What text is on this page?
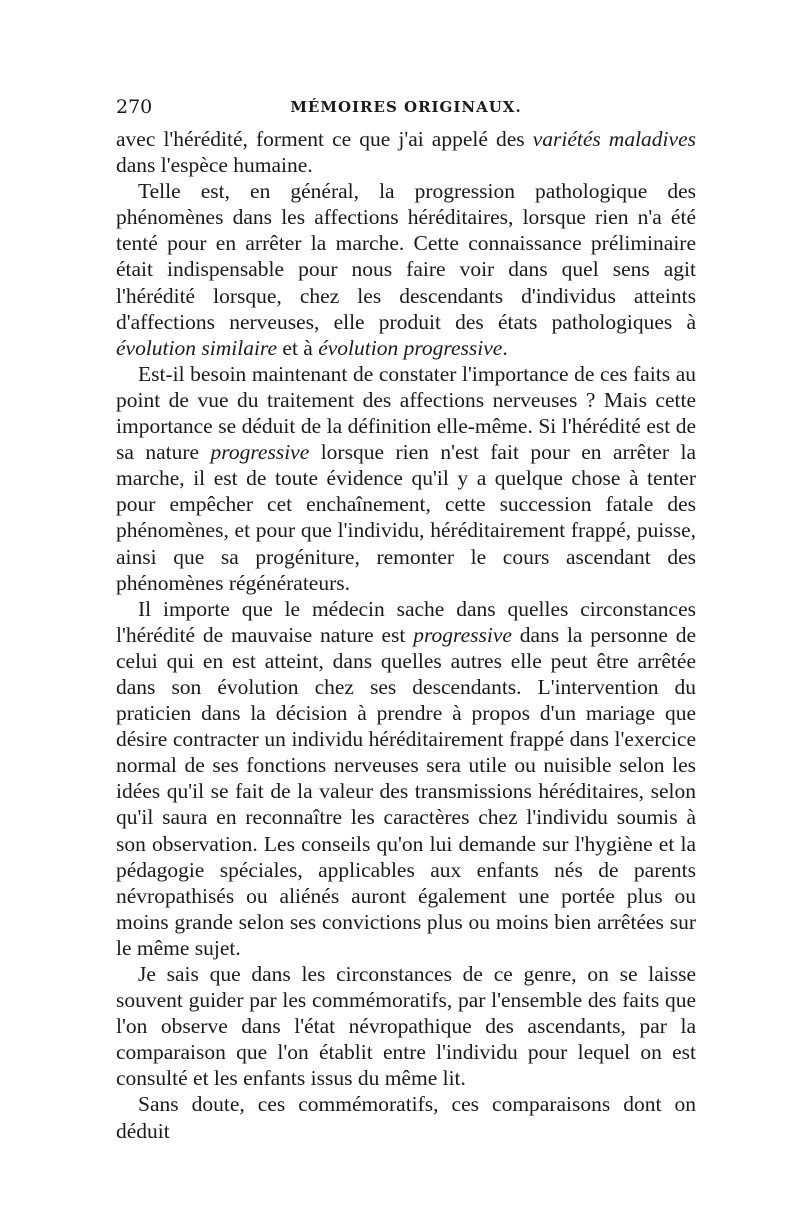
270	MÉMOIRES ORIGINAUX.

avec l'hérédité, forment ce que j'ai appelé des variétés maladives dans l'espèce humaine.

Telle est, en général, la progression pathologique des phénomènes dans les affections héréditaires, lorsque rien n'a été tenté pour en arrêter la marche. Cette connaissance préliminaire était indispensable pour nous faire voir dans quel sens agit l'hérédité lorsque, chez les descendants d'individus atteints d'affections nerveuses, elle produit des états pathologiques à évolution similaire et à évolution progressive.

Est-il besoin maintenant de constater l'importance de ces faits au point de vue du traitement des affections nerveuses ? Mais cette importance se déduit de la définition elle-même. Si l'hérédité est de sa nature progressive lorsque rien n'est fait pour en arrêter la marche, il est de toute évidence qu'il y a quelque chose à tenter pour empêcher cet enchaînement, cette succession fatale des phénomènes, et pour que l'individu, héréditairement frappé, puisse, ainsi que sa progéniture, remonter le cours ascendant des phénomènes régénérateurs.

Il importe que le médecin sache dans quelles circonstances l'hérédité de mauvaise nature est progressive dans la personne de celui qui en est atteint, dans quelles autres elle peut être arrêtée dans son évolution chez ses descendants. L'intervention du praticien dans la décision à prendre à propos d'un mariage que désire contracter un individu héréditairement frappé dans l'exercice normal de ses fonctions nerveuses sera utile ou nuisible selon les idées qu'il se fait de la valeur des transmissions héréditaires, selon qu'il saura en reconnaître les caractères chez l'individu soumis à son observation. Les conseils qu'on lui demande sur l'hygiène et la pédagogie spéciales, applicables aux enfants nés de parents névropathisés ou aliénés auront également une portée plus ou moins grande selon ses convictions plus ou moins bien arrêtées sur le même sujet.

Je sais que dans les circonstances de ce genre, on se laisse souvent guider par les commémoratifs, par l'ensemble des faits que l'on observe dans l'état névropathique des ascendants, par la comparaison que l'on établit entre l'individu pour lequel on est consulté et les enfants issus du même lit.

Sans doute, ces commémoratifs, ces comparaisons dont on déduit
